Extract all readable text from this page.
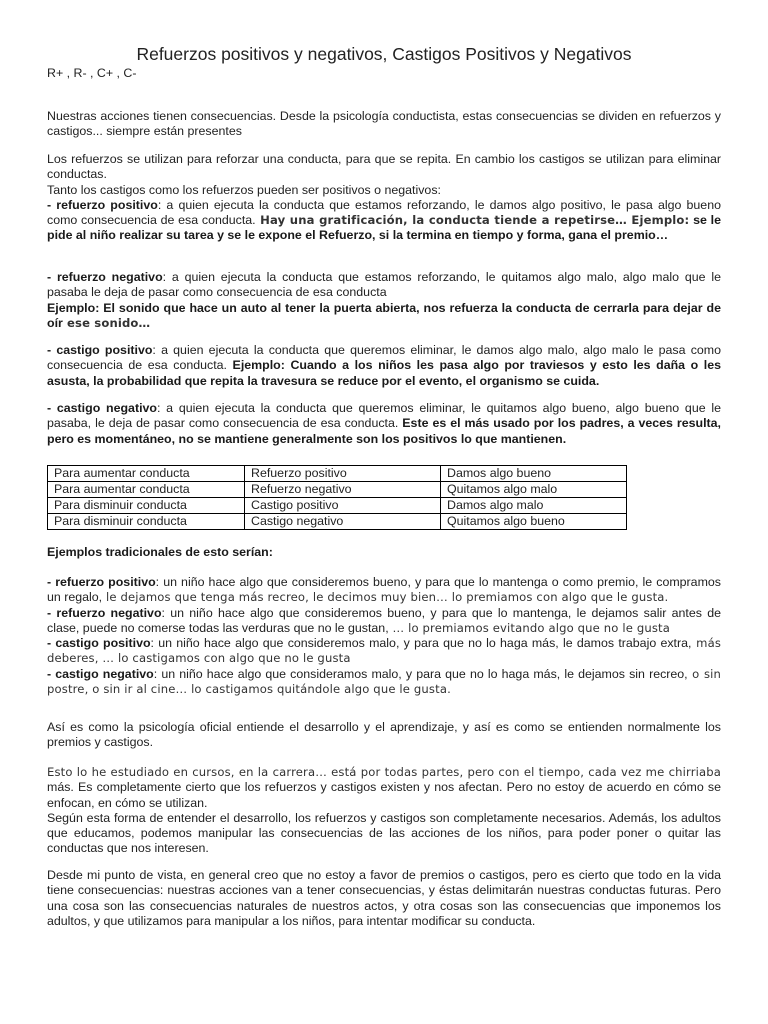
Refuerzos positivos y negativos, Castigos Positivos y Negativos
R+ , R- , C+ , C-

Nuestras acciones tienen consecuencias. Desde la psicología conductista, estas consecuencias se dividen en refuerzos y castigos... siempre están presentes

Los refuerzos se utilizan para reforzar una conducta, para que se repita. En cambio los castigos se utilizan para eliminar conductas.

Tanto los castigos como los refuerzos pueden ser positivos o negativos:

- refuerzo positivo: a quien ejecuta la conducta que estamos reforzando, le damos algo positivo, le pasa algo bueno como consecuencia de esa conducta. Hay una gratificación, la conducta tiende a repetirse… Ejemplo: se le pide al niño realizar su tarea y se le expone el Refuerzo, si la termina en tiempo y forma, gana el premio…

- refuerzo negativo: a quien ejecuta la conducta que estamos reforzando, le quitamos algo malo, algo malo que le pasaba le deja de pasar como consecuencia de esa conducta

Ejemplo: El sonido que hace un auto al tener la puerta abierta, nos refuerza la conducta de cerrarla para dejar de oír ese sonido…

- castigo positivo: a quien ejecuta la conducta que queremos eliminar, le damos algo malo, algo malo le pasa como consecuencia de esa conducta. Ejemplo: Cuando a los niños les pasa algo por traviesos y esto les daña o les asusta, la probabilidad que repita la travesura se reduce por el evento, el organismo se cuida.

- castigo negativo: a quien ejecuta la conducta que queremos eliminar, le quitamos algo bueno, algo bueno que le pasaba, le deja de pasar como consecuencia de esa conducta. Este es el más usado por los padres, a veces resulta, pero es momentáneo, no se mantiene generalmente son los positivos lo que mantienen.

Para aumentar conducta	Refuerzo positivo	Damos algo bueno
Para aumentar conducta	Refuerzo negativo	Quitamos algo malo
Para disminuir conducta	Castigo positivo	Damos algo malo
Para disminuir conducta	Castigo negativo	Quitamos algo bueno

Ejemplos tradicionales de esto serían:

- refuerzo positivo: un niño hace algo que consideremos bueno, y para que lo mantenga o como premio, le compramos un regalo, le dejamos que tenga más recreo, le decimos muy bien… lo premiamos con algo que le gusta.

- refuerzo negativo: un niño hace algo que consideremos bueno, y para que lo mantenga, le dejamos salir antes de clase, puede no comerse todas las verduras que no le gustan, … lo premiamos evitando algo que no le gusta

- castigo positivo: un niño hace algo que consideremos malo, y para que no lo haga más, le damos trabajo extra, más deberes, … lo castigamos con algo que no le gusta

- castigo negativo: un niño hace algo que consideramos malo, y para que no lo haga más, le dejamos sin recreo, o sin postre, o sin ir al cine… lo castigamos quitándole algo que le gusta.

Así es como la psicología oficial entiende el desarrollo y el aprendizaje, y así es como se entienden normalmente los premios y castigos.

Esto lo he estudiado en cursos, en la carrera… está por todas partes, pero con el tiempo, cada vez me chirriaba más. Es completamente cierto que los refuerzos y castigos existen y nos afectan. Pero no estoy de acuerdo en cómo se enfocan, en cómo se utilizan.

Según esta forma de entender el desarrollo, los refuerzos y castigos son completamente necesarios. Además, los adultos que educamos, podemos manipular las consecuencias de las acciones de los niños, para poder poner o quitar las conductas que nos interesen.

Desde mi punto de vista, en general creo que no estoy a favor de premios o castigos, pero es cierto que todo en la vida tiene consecuencias: nuestras acciones van a tener consecuencias, y éstas delimitarán nuestras conductas futuras. Pero una cosa son las consecuencias naturales de nuestros actos, y otra cosas son las consecuencias que imponemos los adultos, y que utilizamos para manipular a los niños, para intentar modificar su conducta.
